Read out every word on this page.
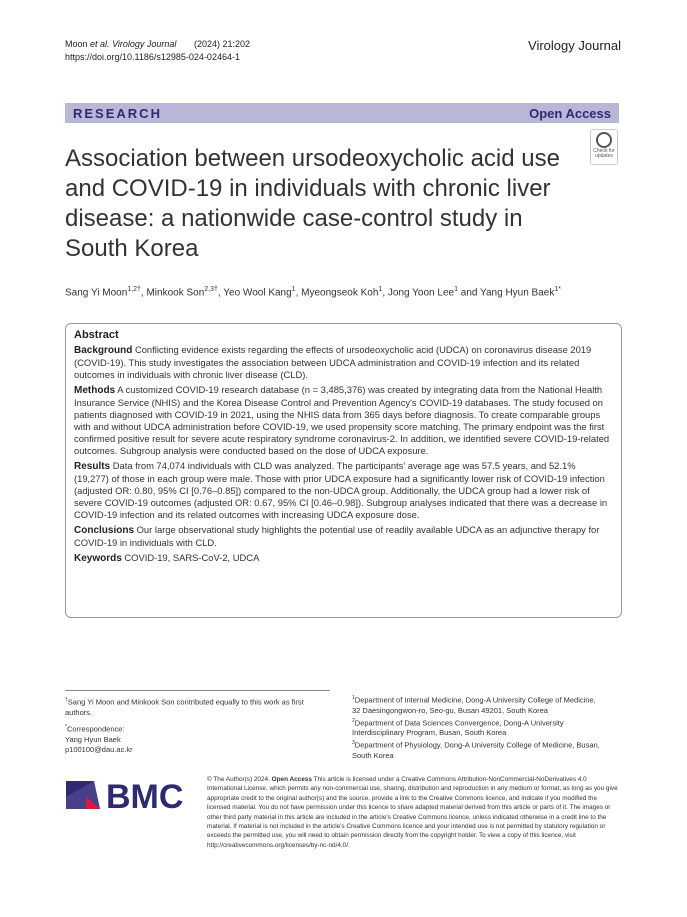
Moon et al. Virology Journal (2024) 21:202
https://doi.org/10.1186/s12985-024-02464-1
Virology Journal
RESEARCH	Open Access
Check for
updates
Association between ursodeoxycholic acid use and COVID-19 in individuals with chronic liver disease: a nationwide case-control study in South Korea
Sang Yi Moon$^{1,2\dagger}$, Minkook Son$^{2,3\dagger}$, Yeo Wool Kang$^1$, Myeongseok Koh$^1$, Jong Yoon Lee$^1$ and Yang Hyun Baek$^{1*}$
Abstract

Background Conflicting evidence exists regarding the effects of ursodeoxycholic acid (UDCA) on coronavirus disease 2019 (COVID-19). This study investigates the association between UDCA administration and COVID-19 infection and its related outcomes in individuals with chronic liver disease (CLD).

Methods A customized COVID-19 research database (n = 3,485,376) was created by integrating data from the National Health Insurance Service (NHIS) and the Korea Disease Control and Prevention Agency's COVID-19 databases. The study focused on patients diagnosed with COVID-19 in 2021, using the NHIS data from 365 days before diagnosis. To create comparable groups with and without UDCA administration before COVID-19, we used propensity score matching. The primary endpoint was the first confirmed positive result for severe acute respiratory syndrome coronavirus-2. In addition, we identified severe COVID-19-related outcomes. Subgroup analysis were conducted based on the dose of UDCA exposure.

Results Data from 74,074 individuals with CLD was analyzed. The participants' average age was 57.5 years, and 52.1% (19,277) of those in each group were male. Those with prior UDCA exposure had a significantly lower risk of COVID-19 infection (adjusted OR: 0.80, 95% CI [0.76–0.85]) compared to the non-UDCA group. Additionally, the UDCA group had a lower risk of severe COVID-19 outcomes (adjusted OR: 0.67, 95% CI [0.46–0.98]). Subgroup analyses indicated that there was a decrease in COVID-19 infection and its related outcomes with increasing UDCA exposure dose.

Conclusions Our large observational study highlights the potential use of readily available UDCA as an adjunctive therapy for COVID-19 in individuals with CLD.

Keywords COVID-19, SARS-CoV-2, UDCA

†Sang Yi Moon and Minkook Son contributed equally to this work as first authors.
*Correspondence:
Yang Hyun Baek
p100100@dau.ac.kr
$^1$Department of Internal Medicine, Dong-A University College of Medicine, 32 Daesingongwon-ro, Seo-gu, Busan 49201, South Korea
$^2$Department of Data Sciences Convergence, Dong-A University Interdisciplinary Program, Busan, South Korea
$^3$Department of Physiology, Dong-A University College of Medicine, Busan, South Korea
BMC	© The Author(s) 2024. Open Access This article is licensed under a Creative Commons Attribution-NonCommercial-NoDerivatives 4.0 International License, which permits any non-commercial use, sharing, distribution and reproduction in any medium or format, as long as you give appropriate credit to the original author(s) and the source, provide a link to the Creative Commons licence, and indicate if you modified the licensed material. You do not have permission under this licence to share adapted material derived from this article or parts of it. The images or other third party material in this article are included in the article's Creative Commons licence, unless indicated otherwise in a credit line to the material. If material is not included in the article's Creative Commons licence and your intended use is not permitted by statutory regulation or exceeds the permitted use, you will need to obtain permission directly from the copyright holder. To view a copy of this licence, visit http://creativecommons.org/licenses/by-nc-nd/4.0/.
